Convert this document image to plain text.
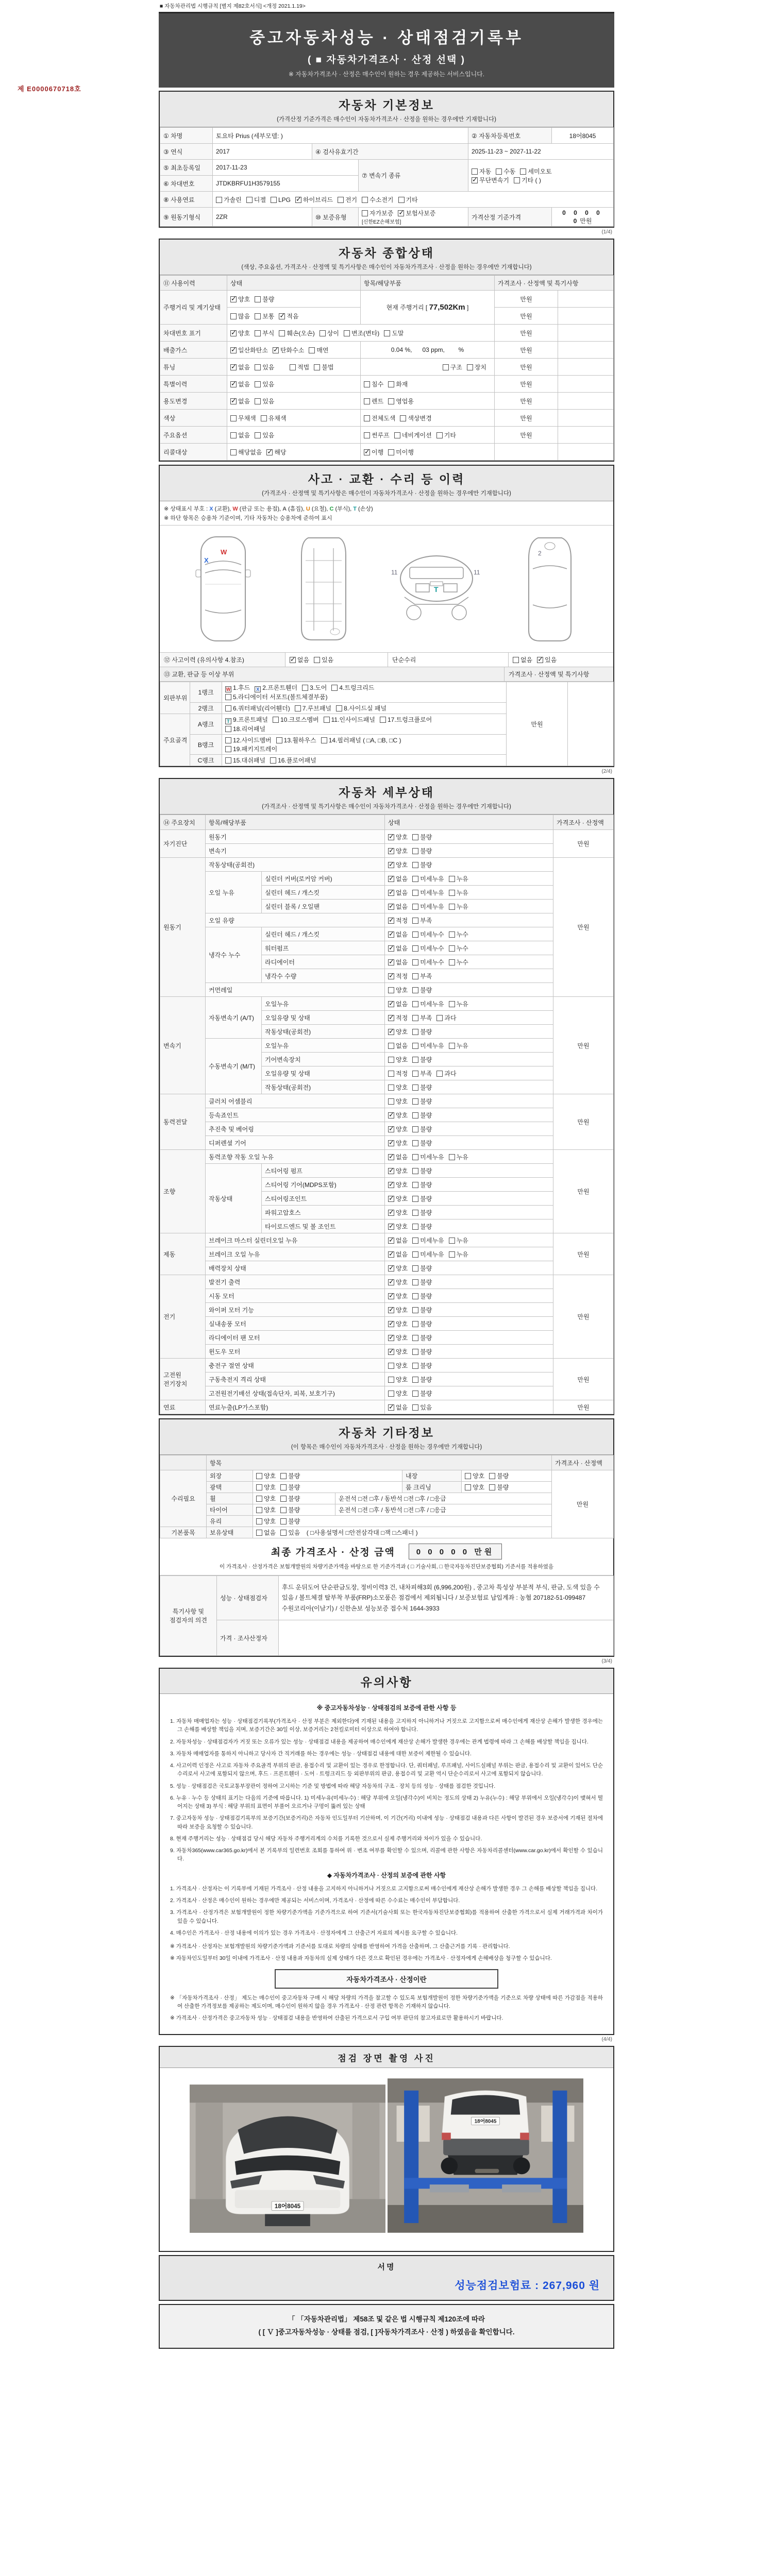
제 E0000670718호
■ 자동차관리법 시행규칙 [별지 제82호서식] <개정 2021.1.19>
중고자동차성능 · 상태점검기록부
( ■ 자동차가격조사 · 산정 선택 )
※ 자동차가격조사 · 산정은 매수인이 원하는 경우 제공하는 서비스입니다.
자동차 기본정보
(가격산정 기준가격은 매수인이 자동차가격조사 · 산정을 원하는 경우에만 기재합니다)
① 차명	토요타 Prius (세부모델: )			② 자동차등록번호	18어8045
③ 연식	2017	④ 검사유효기간		2025-11-23 ~ 2027-11-22	
⑤ 최초등록일	2017-11-23		⑦ 변속기 종류	자동 수동 세미오토
✓무단변속기 기타 ( )

⑥ 차대번호	JTDKBRFU1H3579155				
⑧ 사용연료	가솔린 디젤 LPG ✓ 하이브리드 전기 수소전기 기타
⑨ 원동기형식	2ZR	⑩ 보증유형	자가보증 ✓ 보험사보증 [신한EZ손해보험]	가격산정 기준가격	0 0 0 0 0만원
(1/4)
자동차 종합상태
(색상, 주요옵션, 가격조사 · 산정액 및 특기사항은 매수인이 자동차가격조사 · 산정을 원하는 경우에만 기재합니다)
⑪ 사용이력	상태	항목/해당부품	가격조사 · 산정액 및 특기사항	
주행거리 및 계기상태	✓양호 불량	현재 주행거리 [ 77,502Km ]	만원	
	많음 보통 ✓ 적음		만원	
차대번호 표기	✓양호 부식 훼손(오손) 상이 변조(변타) 도말		만원	
배출가스	✓일산화탄소 ✓ 탄화수소 매연	0.04 %,      03 ppm,        %	만원	
튜닝	✓없음 있음 적법 불법	구조 장치	만원	
특별이력	✓없음 있음	침수 화재	만원	
용도변경	✓없음 있음	렌트 영업용	만원	
색상	무채색 유채색	전체도색 색상변경	만원	
주요옵션	없음 있음	썬루프 네비게이션 기타	만원	
리콜대상	해당없음 ✓ 해당	✓이행 미이행		
사고 · 교환 · 수리 등 이력
(가격조사 · 산정액 및 특기사항은 매수인이 자동차가격조사 · 산정을 원하는 경우에만 기재합니다)
※ 상태표시 부호 : X (교환), W (판금 또는 용접), A (흠집), U (요철), C (부식), T (손상)
※ 하단 항목은 승용차 기준이며, 기타 자동차는 승용차에 준하여 표시
W
X
11	11
T
2
⑫ 사고이력 (유의사항 4.참조) ✓	없음 있음	단순수리	없음 ✓ 있음
⑬ 교환, 판금 등 이상 부위	가격조사 · 산정액 및 특기사항
외판부위	1랭크	W 1.후드 X 2.프론트휀더 3.도어 4.트렁크리드
5.라디에이터 서포트(볼트체결부품)	만원	
	2랭크	6.쿼터패널(리어휀더) 7.루브패널 8.사이드실 패널		
주요골격	A랭크	T 9.프론트패널 10.크로스멤버 11.인사이드패널 17.트렁크플로어
18.리어패널		
	B랭크	12.사이드멤버 13.휠하우스 14.필러패널 ( □A, □B, □C )
19.패키지트레이		
	C랭크	15.대쉬패널 16.플로어패널		
(2/4)
자동차 세부상태
(가격조사 · 산정액 및 특기사항은 매수인이 자동차가격조사 · 산정을 원하는 경우에만 기재합니다)
⑭ 주요장치	항목/해당부품		상태	가격조사 · 산정액
자기진단	원동기	✓양호 불량	만원
	변속기	✓양호 불량
원동기	작동상태(공회전)	✓양호 불량	만원
	오일 누유	실린더 커버(로커암 커버)	✓없음 미세누유 누유
		실린더 헤드 / 개스킷	✓없음 미세누유 누유
		실린더 블록 / 오일팬	✓없음 미세누유 누유
	오일 유량	✓적정 부족
	냉각수 누수	실린더 헤드 / 개스킷	✓없음 미세누수 누수
		워터펌프	✓없음 미세누수 누수
		라디에이터	✓없음 미세누수 누수
		냉각수 수량	✓적정 부족
	커먼레일		양호 불량	
변속기	자동변속기 (A/T)	오일누유	✓없음 미세누유 누유	만원
		오일유량 및 상태	✓적정 부족 과다
		작동상태(공회전)	✓양호 불량
	수동변속기 (M/T)	오일누유	없음 미세누유 누유	
		기어변속장치	양호 불량	
		오일유량 및 상태	적정 부족 과다	
		작동상태(공회전)	양호 불량	
동력전달	클러치 어셈블리		양호 불량	만원
	등속죠인트	✓양호 불량
	추진축 및 베어링	✓양호 불량
	디퍼렌셜 기어	✓양호 불량
조향	동력조향 작동 오일 누유	✓없음 미세누유 누유	만원
	작동상태	스티어링 펌프	✓양호 불량
		스티어링 기어(MDPS포함)	✓양호 불량
		스티어링조인트	✓양호 불량
		파워고압호스	✓양호 불량
		타이로드엔드 및 볼 조인트	✓양호 불량
제동	브레이크 마스터 실린더오일 누유	✓없음 미세누유 누유	만원
	브레이크 오일 누유	✓없음 미세누유 누유
	배력장치 상태	✓양호 불량
전기	발전기 출력	✓양호 불량	만원
	시동 모터	✓양호 불량
	와이퍼 모터 기능	✓양호 불량
	실내송풍 모터	✓양호 불량
	라디에이터 팬 모터	✓양호 불량
	윈도우 모터	✓양호 불량
고전원 전기장치	충전구 절연 상태		양호 불량	만원
	구동축전지 격리 상태		양호 불량	
	고전원전기배선 상태(접속단자, 피복, 보호기구)		양호 불량	
연료	연료누출(LP가스포함)	✓없음 있음	만원
자동차 기타정보
(이 항목은 매수인이 자동차가격조사 · 산정을 원하는 경우에만 기재합니다)
	항목					가격조사 · 산정액
수리필요	외장	양호 불량		내장	양호 불량	만원
	광택	양호 불량		룸 크리닝	양호 불량	
	휠	양호 불량	운전석 □전 □후 / 동반석 □전 □후 / □응급			
	타이어	양호 불량	운전석 □전 □후 / 동반석 □전 □후 / □응급			
	유리	양호 불량				
기본품목	보유상태	없음 있음 ( □사용설명서 □안전삼각대 □잭 □스패너 )				
최종 가격조사 · 산정 금액	0 0 0 0 0 만원
이 가격조사 · 산정가격은 보험개발원의 차량기준가액을 바탕으로 한 기준가격과 ( □ 기술사회, □ 한국자동차진단보증협회) 기준서를 적용하였음
특기사항 및 점검자의 의견	성능 · 상태점검자	후드 운뒤도어 단순판금도장, 정비이력3 건, 내차피해3회 (6,996,200원) , 중고차 특성상 부분적 부식, 판금, 도색 있을 수 있음 / 볼트체결 탈부착 부품(FRP)소모품은 점검에서 제외됩니다 / 보증보험료 납입계좌 : 농협 207182-51-099487 수원코리아(이남기) / 신한손보 성능보증 접수처 1644-3933
	가격 · 조사산정자	
(3/4)
유의사항
※ 중고자동차성능 · 상태점검의 보증에 관한 사항 등

1. 자동차 매매업자는 성능 · 상태점검기록부(가격조사 · 산정 부분은 제외한다)에 기재된 내용을 고지하지 아니하거나 거짓으로 고지함으로써 매수인에게 재산상 손해가 발생한 경우에는 그 손해를 배상할 책임을 지며, 보증기간은 30일 이상, 보증거리는 2천킬로미터 이상으로 하여야 합니다.

2. 자동차성능 · 상태점검자가 거짓 또는 오류가 있는 성능 · 상태점검 내용을 제공하여 매수인에게 재산상 손해가 발생한 경우에는 관계 법령에 따라 그 손해를 배상할 책임을 집니다.

3. 자동차 매매업자를 통하지 아니하고 당사자 간 직거래를 하는 경우에는 성능 · 상태점검 내용에 대한 보증이 제한될 수 있습니다.

4. 사고이력 인정은 사고로 자동차 주요골격 부위의 판금, 용접수리 및 교환이 있는 경우로 한정합니다. 단, 쿼터패널, 루프패널, 사이드실패널 부위는 판금, 용접수리 및 교환이 있어도 단순수리로서 사고에 포함되지 않으며, 후드 · 프론트휀더 · 도어 · 트렁크리드 등 외판부위의 판금, 용접수리 및 교환 역시 단순수리로서 사고에 포함되지 않습니다.

5. 성능 · 상태점검은 국토교통부장관이 정하여 고시하는 기준 및 방법에 따라 해당 자동차의 구조 · 장치 등의 성능 · 상태를 점검한 것입니다.

6. 누유 · 누수 등 상태의 표기는 다음의 기준에 따릅니다. 1) 미세누유(미세누수) : 해당 부위에 오일(냉각수)이 비치는 정도의 상태 2) 누유(누수) : 해당 부위에서 오일(냉각수)이 맺혀서 떨어지는 상태 3) 부식 : 해당 부위의 표면이 부풀어 오르거나 구멍이 뚫려 있는 상태

7. 중고자동차 성능 · 상태점검기록부의 보증기간(보증거리)은 자동차 인도일부터 기산하며, 이 기간(거리) 이내에 성능 · 상태점검 내용과 다른 사항이 발견된 경우 보증서에 기재된 절차에 따라 보증을 요청할 수 있습니다.

8. 현재 주행거리는 성능 · 상태점검 당시 해당 자동차 주행거리계의 수치를 기록한 것으로서 실제 주행거리와 차이가 있을 수 있습니다.

9. 자동차365(www.car365.go.kr)에서 본 기록부의 일련번호 조회를 통하여 위 · 변조 여부를 확인할 수 있으며, 리콜에 관한 사항은 자동차리콜센터(www.car.go.kr)에서 확인할 수 있습니다.

◆ 자동차가격조사 · 산정의 보증에 관한 사항

1. 가격조사 · 산정자는 이 기록부에 기재된 가격조사 · 산정 내용을 고지하지 아니하거나 거짓으로 고지함으로써 매수인에게 재산상 손해가 발생한 경우 그 손해를 배상할 책임을 집니다.

2. 가격조사 · 산정은 매수인이 원하는 경우에만 제공되는 서비스이며, 가격조사 · 산정에 따른 수수료는 매수인이 부담합니다.

3. 가격조사 · 산정가격은 보험개발원이 정한 차량기준가액을 기준가격으로 하여 기준서(기술사회 또는 한국자동차진단보증협회)를 적용하여 산출한 가격으로서 실제 거래가격과 차이가 있을 수 있습니다.

4. 매수인은 가격조사 · 산정 내용에 이의가 있는 경우 가격조사 · 산정자에게 그 산출근거 자료의 제시를 요구할 수 있습니다.

※ 가격조사 · 산정자는 보험개발원의 차량기준가액과 기준서를 토대로 차량의 상태를 반영하여 가격을 산출하며, 그 산출근거를 기록 · 관리합니다.

※ 자동차인도일부터 30일 이내에 가격조사 · 산정 내용과 자동차의 실제 상태가 다른 것으로 확인된 경우에는 가격조사 · 산정자에게 손해배상을 청구할 수 있습니다.

자동차가격조사 · 산정이란

※ 「자동차가격조사 · 산정」 제도는 매수인이 중고자동차 구매 시 해당 차량의 가격을 참고할 수 있도록 보험개발원이 정한 차량기준가액을 기준으로 차량 상태에 따른 가감점을 적용하여 산출한 가격정보를 제공하는 제도이며, 매수인이 원하지 않을 경우 가격조사 · 산정 관련 항목은 기재하지 않습니다.

※ 가격조사 · 산정가격은 중고자동차 성능 · 상태점검 내용을 반영하여 산출된 가격으로서 구입 여부 판단의 참고자료로만 활용하시기 바랍니다.

(4/4)
점검 장면 촬영 사진
18어8045

18어8045
서명
성능점검보험료 : 267,960 원
「 「자동차관리법」 제58조 및 같은 법 시행규칙 제120조에 따라
( [ Ｖ ]중고자동차성능 · 상태를 점검, [ ]자동차가격조사 · 산정 ) 하였음을 확인합니다.
